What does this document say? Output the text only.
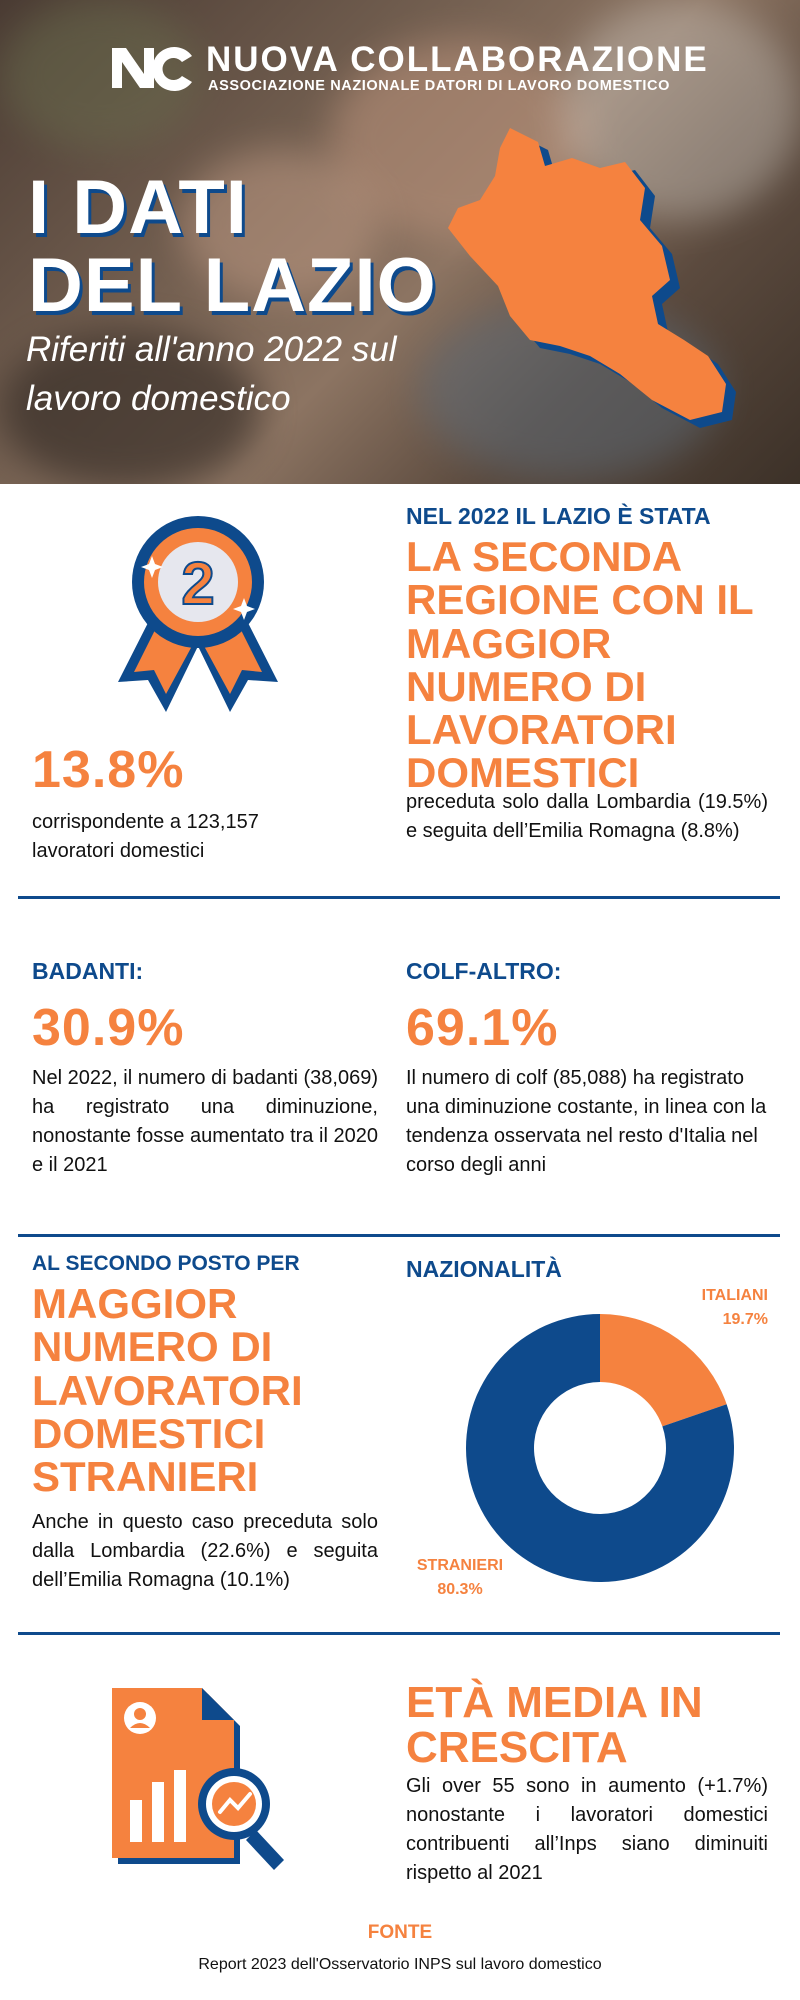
NUOVA COLLABORAZIONE
ASSOCIAZIONE NAZIONALE DATORI DI LAVORO DOMESTICO
I DATI
DEL LAZIO
Riferiti all'anno 2022 sul lavoro domestico
2
13.8%
corrispondente a 123,157 lavoratori domestici
NEL 2022 IL LAZIO È STATA
LA SECONDA REGIONE CON IL MAGGIOR NUMERO DI LAVORATORI DOMESTICI
preceduta solo dalla Lombardia (19.5%) e seguita dell’Emilia Romagna (8.8%)
BADANTI:
30.9%
Nel 2022, il numero di badanti (38,069) ha registrato una diminuzione, nonostante fosse aumentato tra il 2020 e il 2021
COLF-ALTRO:
69.1%
Il numero di colf (85,088) ha registrato una diminuzione costante, in linea con la tendenza osservata nel resto d'Italia nel corso degli anni
AL SECONDO POSTO PER
MAGGIOR NUMERO DI LAVORATORI DOMESTICI STRANIERI
Anche in questo caso preceduta solo dalla Lombardia (22.6%) e seguita dell’Emilia Romagna (10.1%)
NAZIONALITÀ
ITALIANI
19.7%
STRANIERI
80.3%
ETÀ MEDIA IN CRESCITA
Gli over 55 sono in aumento (+1.7%) nonostante i lavoratori domestici contribuenti all’Inps siano diminuiti rispetto al 2021
FONTE
Report 2023 dell'Osservatorio INPS sul lavoro domestico
